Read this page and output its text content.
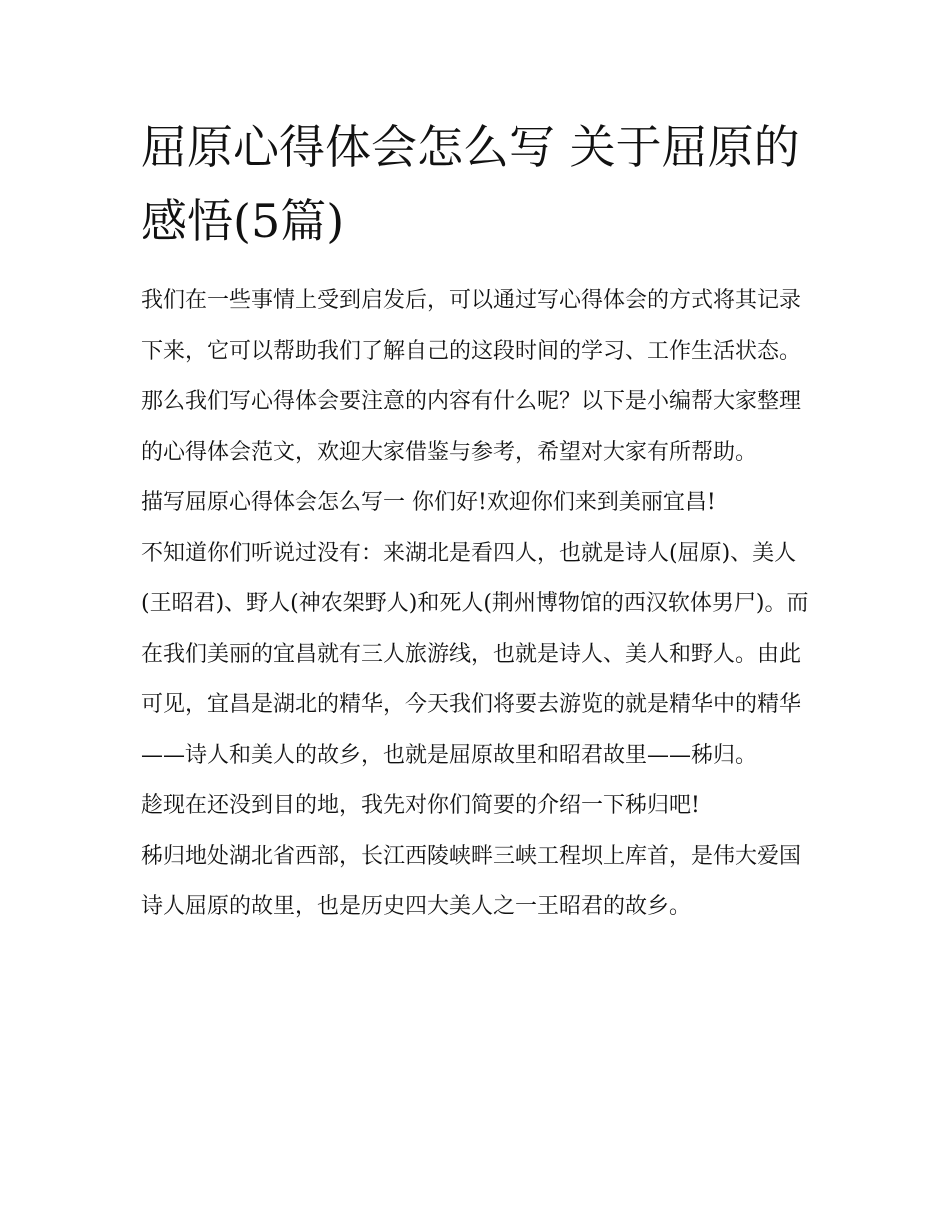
屈原心得体会怎么写 关于屈原的感悟(5篇)

我们在一些事情上受到启发后，可以通过写心得体会的方式将其记录下来，它可以帮助我们了解自己的这段时间的学习、工作生活状态。那么我们写心得体会要注意的内容有什么呢？以下是小编帮大家整理的心得体会范文，欢迎大家借鉴与参考，希望对大家有所帮助。

描写屈原心得体会怎么写一 你们好!欢迎你们来到美丽宜昌!

不知道你们听说过没有：来湖北是看四人，也就是诗人(屈原)、美人(王昭君)、野人(神农架野人)和死人(荆州博物馆的西汉软体男尸)。而在我们美丽的宜昌就有三人旅游线，也就是诗人、美人和野人。由此可见，宜昌是湖北的精华，今天我们将要去游览的就是精华中的精华——诗人和美人的故乡，也就是屈原故里和昭君故里——秭归。

趁现在还没到目的地，我先对你们简要的介绍一下秭归吧!

秭归地处湖北省西部，长江西陵峡畔三峡工程坝上库首，是伟大爱国诗人屈原的故里，也是历史四大美人之一王昭君的故乡。
